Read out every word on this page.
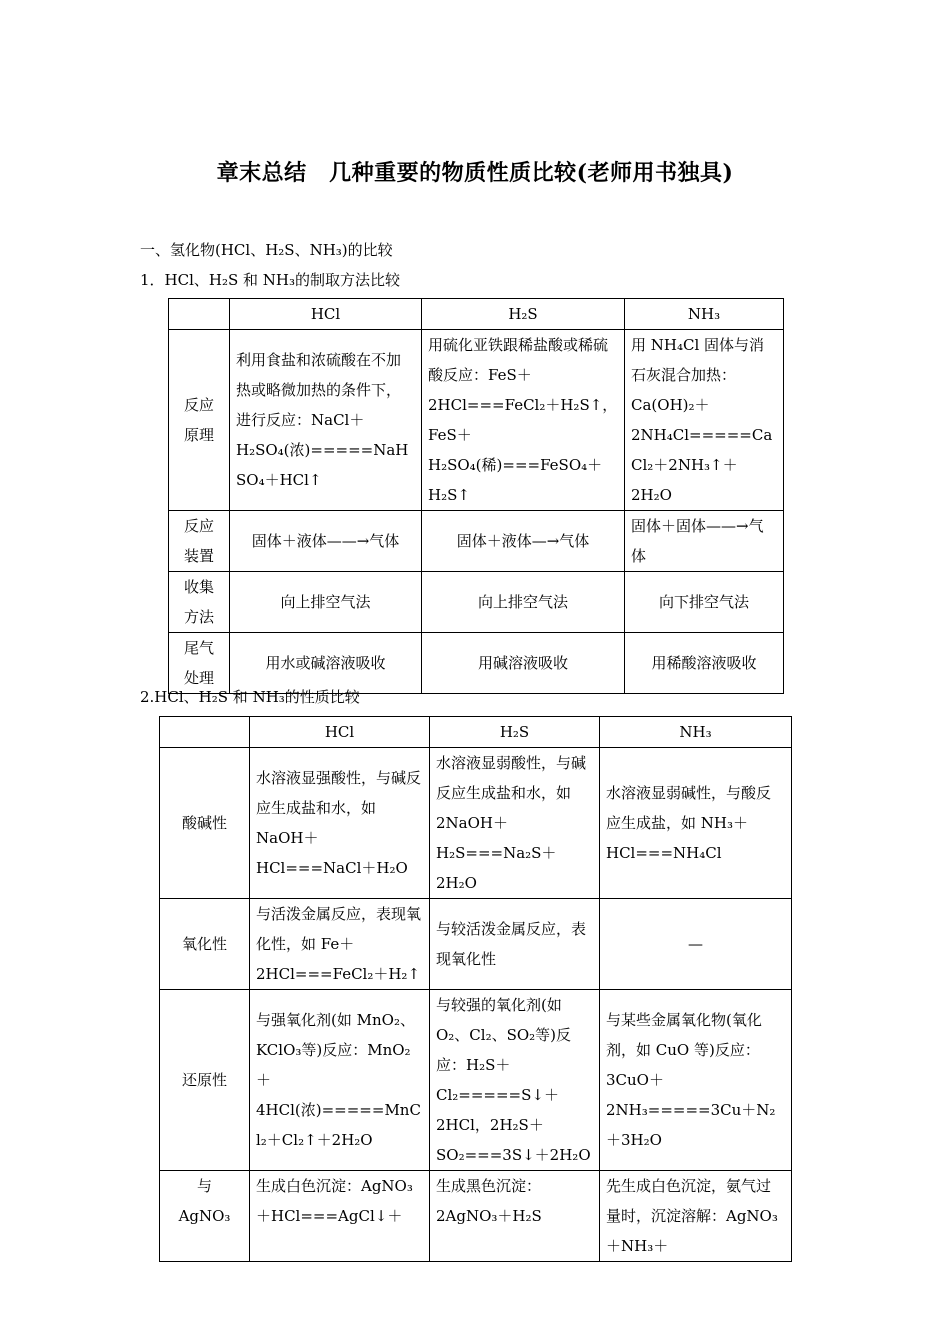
章末总结　几种重要的物质性质比较(老师用书独具)
一、氢化物(HCl、H₂S、NH₃)的比较
1．HCl、H₂S 和 NH₃的制取方法比较
	HCl	H₂S	NH₃

反应
原理	利用食盐和浓硫酸在不加热或略微加热的条件下，进行反应：NaCl＋H₂SO₄(浓)=====NaHSO₄＋HCl↑	用硫化亚铁跟稀盐酸或稀硫酸反应：FeS＋2HCl===FeCl₂＋H₂S↑，FeS＋H₂SO₄(稀)===FeSO₄＋H₂S↑	用 NH₄Cl 固体与消石灰混合加热：Ca(OH)₂＋2NH₄Cl=====CaCl₂＋2NH₃↑＋2H₂O

反应
装置	固体＋液体——→气体	固体＋液体—→气体	固体＋固体——→气体

收集
方法	向上排空气法	向上排空气法	向下排空气法

尾气
处理	用水或碱溶液吸收	用碱溶液吸收	用稀酸溶液吸收
2.HCl、H₂S 和 NH₃的性质比较
	HCl	H₂S	NH₃
酸碱性	水溶液显强酸性，与碱反应生成盐和水，如 NaOH＋HCl===NaCl＋H₂O	水溶液显弱酸性，与碱反应生成盐和水，如 2NaOH＋H₂S===Na₂S＋2H₂O	水溶液显弱碱性，与酸反应生成盐，如 NH₃＋HCl===NH₄Cl
氧化性	与活泼金属反应，表现氧化性，如 Fe＋2HCl===FeCl₂＋H₂↑	与较活泼金属反应，表现氧化性	—
还原性	与强氧化剂(如 MnO₂、KClO₃等)反应：MnO₂＋4HCl(浓)=====MnCl₂＋Cl₂↑＋2H₂O	与较强的氧化剂(如 O₂、Cl₂、SO₂等)反应：H₂S＋Cl₂=====S↓＋2HCl，2H₂S＋SO₂===3S↓＋2H₂O	与某些金属氧化物(氧化剂，如 CuO 等)反应：3CuO＋2NH₃=====3Cu＋N₂＋3H₂O

与
AgNO₃	生成白色沉淀：AgNO₃＋HCl===AgCl↓＋	生成黑色沉淀：2AgNO₃＋H₂S	先生成白色沉淀，氨气过量时，沉淀溶解：AgNO₃＋NH₃＋
